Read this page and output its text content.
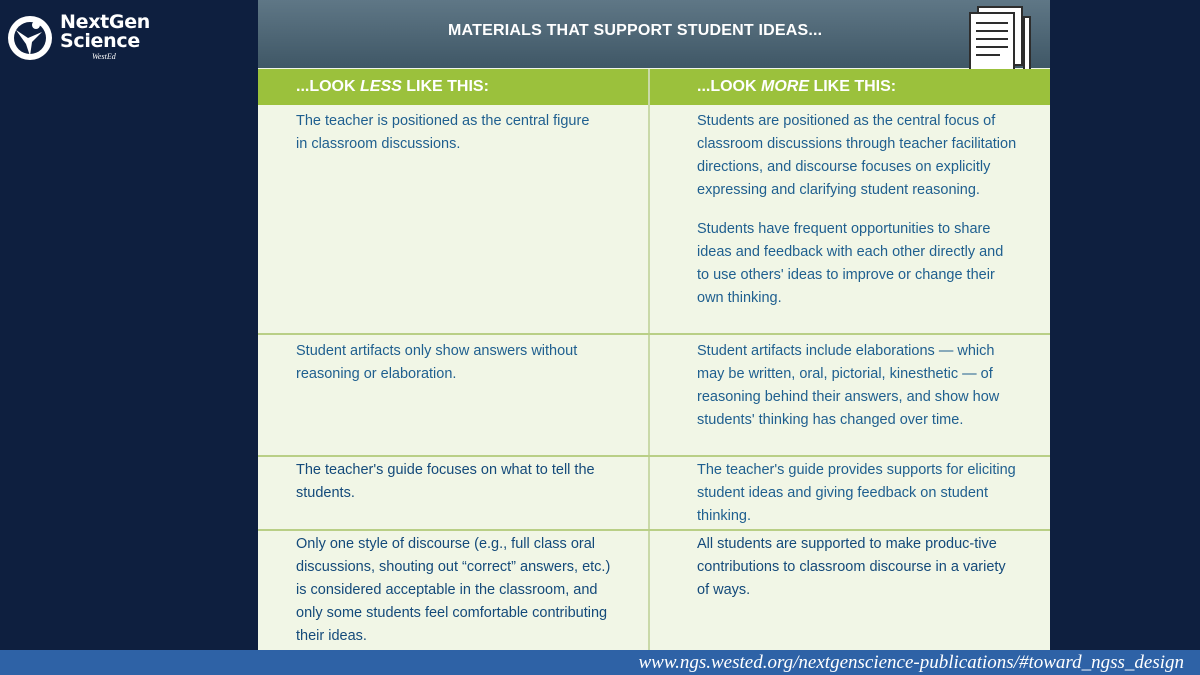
NextGen
Science
WestEd
MATERIALS THAT SUPPORT STUDENT IDEAS...
...LOOK LESS LIKE THIS:	...LOOK MORE LIKE THIS:

The teacher is positioned as the central figure in classroom discussions.

Students are positioned as the central focus of classroom discussions through teacher facilitation directions, and discourse focuses on explicitly expressing and clarifying student reasoning.

Students have frequent opportunities to share ideas and feedback with each other directly and to use others' ideas to improve or change their own thinking.

Student artifacts only show answers without reasoning or elaboration.

Student artifacts include elaborations — which may be written, oral, pictorial, kinesthetic — of reasoning behind their answers, and show how students' thinking has changed over time.

The teacher's guide focuses on what to tell the students.

The teacher's guide provides supports for eliciting student ideas and giving feedback on student thinking.

Only one style of discourse (e.g., full class oral discussions, shouting out “correct” answers, etc.) is considered acceptable in the classroom, and only some students feel comfortable contributing their ideas.

All students are supported to make produc-tive contributions to classroom discourse in a variety of ways.

www.ngs.wested.org/nextgenscience-publications/#toward_ngss_design
